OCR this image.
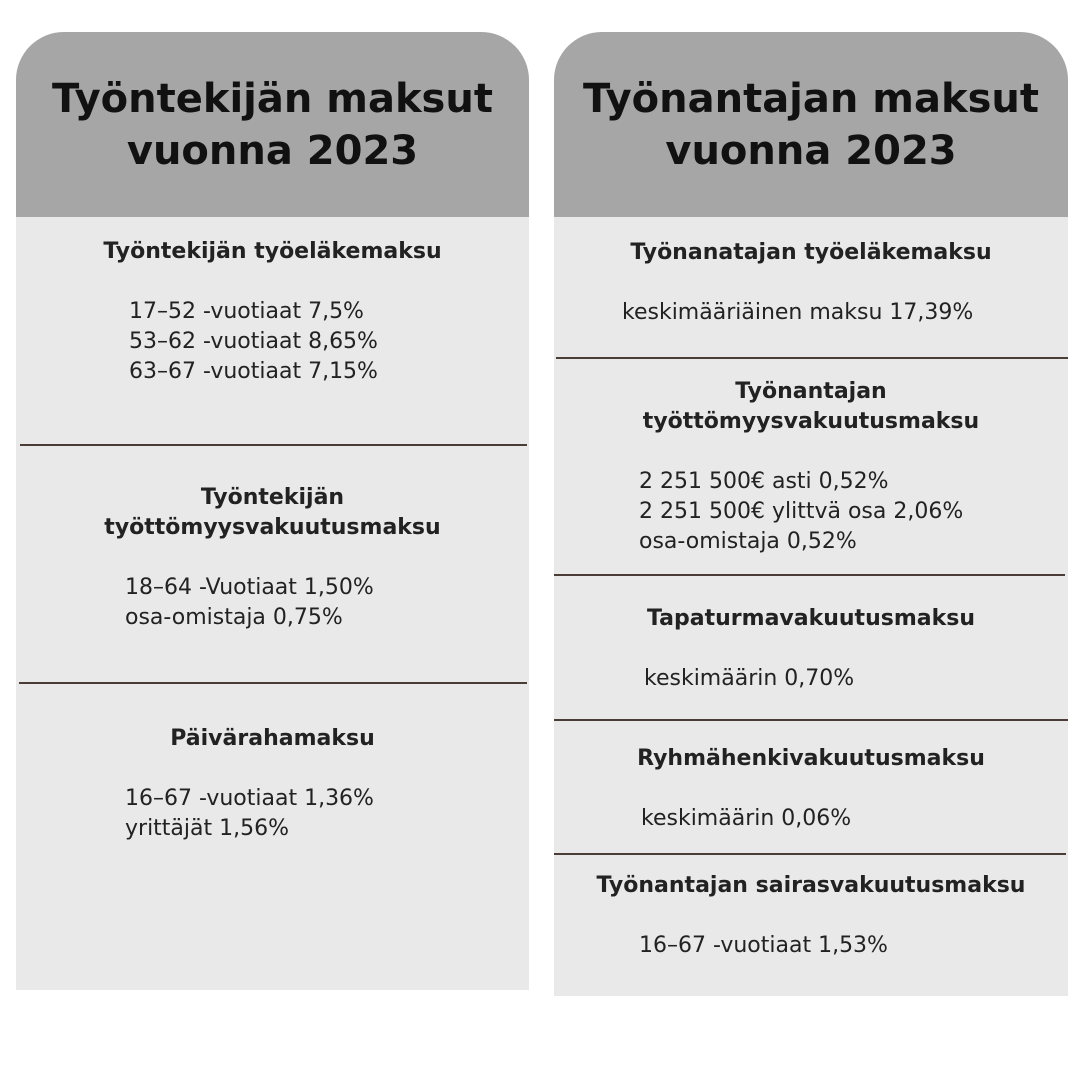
Työntekijän maksut vuonna 2023
Työntekijän työeläkemaksu
17–52 -vuotiaat 7,5%
53–62 -vuotiaat 8,65%
63–67 -vuotiaat 7,15%
Työntekijän
työttömyysvakuutusmaksu
18–64 -Vuotiaat 1,50%
osa-omistaja 0,75%
Päivärahamaksu
16–67 -vuotiaat 1,36%
yrittäjät 1,56%
Työnantajan maksut vuonna 2023
Työnanatajan työeläkemaksu
keskimääriäinen maksu 17,39%
Työnantajan
työttömyysvakuutusmaksu
2 251 500€ asti 0,52%
2 251 500€ ylittvä osa 2,06%
osa-omistaja 0,52%
Tapaturmavakuutusmaksu
keskimäärin 0,70%
Ryhmähenkivakuutusmaksu
keskimäärin 0,06%
Työnantajan sairasvakuutusmaksu
16–67 -vuotiaat 1,53%
